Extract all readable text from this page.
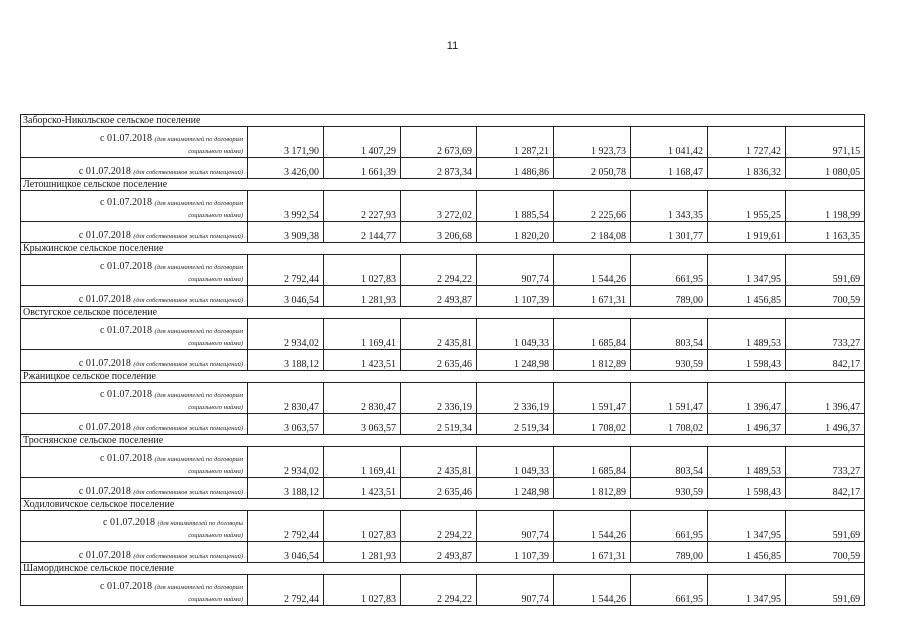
11
Заборско-Никольское сельское поселение								

с 01.07.2018 (для нанимателей по договорам
социального найма)	3 171,90	1 407,29	2 673,69	1 287,21	1 923,73	1 041,42	1 727,42	971,15

с 01.07.2018 (для собственников жилых помещений)	3 426,00	1 661,39	2 873,34	1 486,86	2 050,78	1 168,47	1 836,32	1 080,05
Летошницкое сельское поселение								

с 01.07.2018 (для нанимателей по договорам
социального найма)	3 992,54	2 227,93	3 272,02	1 885,54	2 225,66	1 343,35	1 955,25	1 198,99

с 01.07.2018 (для собственников жилых помещений)	3 909,38	2 144,77	3 206,68	1 820,20	2 184,08	1 301,77	1 919,61	1 163,35
Крыжинское сельское поселение								

с 01.07.2018 (для нанимателей по договорам
социального найма)	2 792,44	1 027,83	2 294,22	907,74	1 544,26	661,95	1 347,95	591,69

с 01.07.2018 (для собственников жилых помещений)	3 046,54	1 281,93	2 493,87	1 107,39	1 671,31	789,00	1 456,85	700,59
Овстугское сельское поселение								

с 01.07.2018 (для нанимателей по договорам
социального найма)	2 934,02	1 169,41	2 435,81	1 049,33	1 685,84	803,54	1 489,53	733,27

с 01.07.2018 (для собственников жилых помещений)	3 188,12	1 423,51	2 635,46	1 248,98	1 812,89	930,59	1 598,43	842,17
Ржаницкое сельское поселение								

с 01.07.2018 (для нанимателей по договорам
социального найма)	2 830,47	2 830,47	2 336,19	2 336,19	1 591,47	1 591,47	1 396,47	1 396,47

с 01.07.2018 (для собственников жилых помещений)	3 063,57	3 063,57	2 519,34	2 519,34	1 708,02	1 708,02	1 496,37	1 496,37
Троснянское сельское поселение								

с 01.07.2018 (для нанимателей по договорам
социального найма)	2 934,02	1 169,41	2 435,81	1 049,33	1 685,84	803,54	1 489,53	733,27

с 01.07.2018 (для собственников жилых помещений)	3 188,12	1 423,51	2 635,46	1 248,98	1 812,89	930,59	1 598,43	842,17
Ходиловичское сельское поселение								

с 01.07.2018 (для нанимателей по договоры
социального найма)	2 792,44	1 027,83	2 294,22	907,74	1 544,26	661,95	1 347,95	591,69

с 01.07.2018 (для собственников жилых помещений)	3 046,54	1 281,93	2 493,87	1 107,39	1 671,31	789,00	1 456,85	700,59
Шамординское сельское поселение								

с 01.07.2018 (для нанимателей по договорам
социального найма)	2 792,44	1 027,83	2 294,22	907,74	1 544,26	661,95	1 347,95	591,69
